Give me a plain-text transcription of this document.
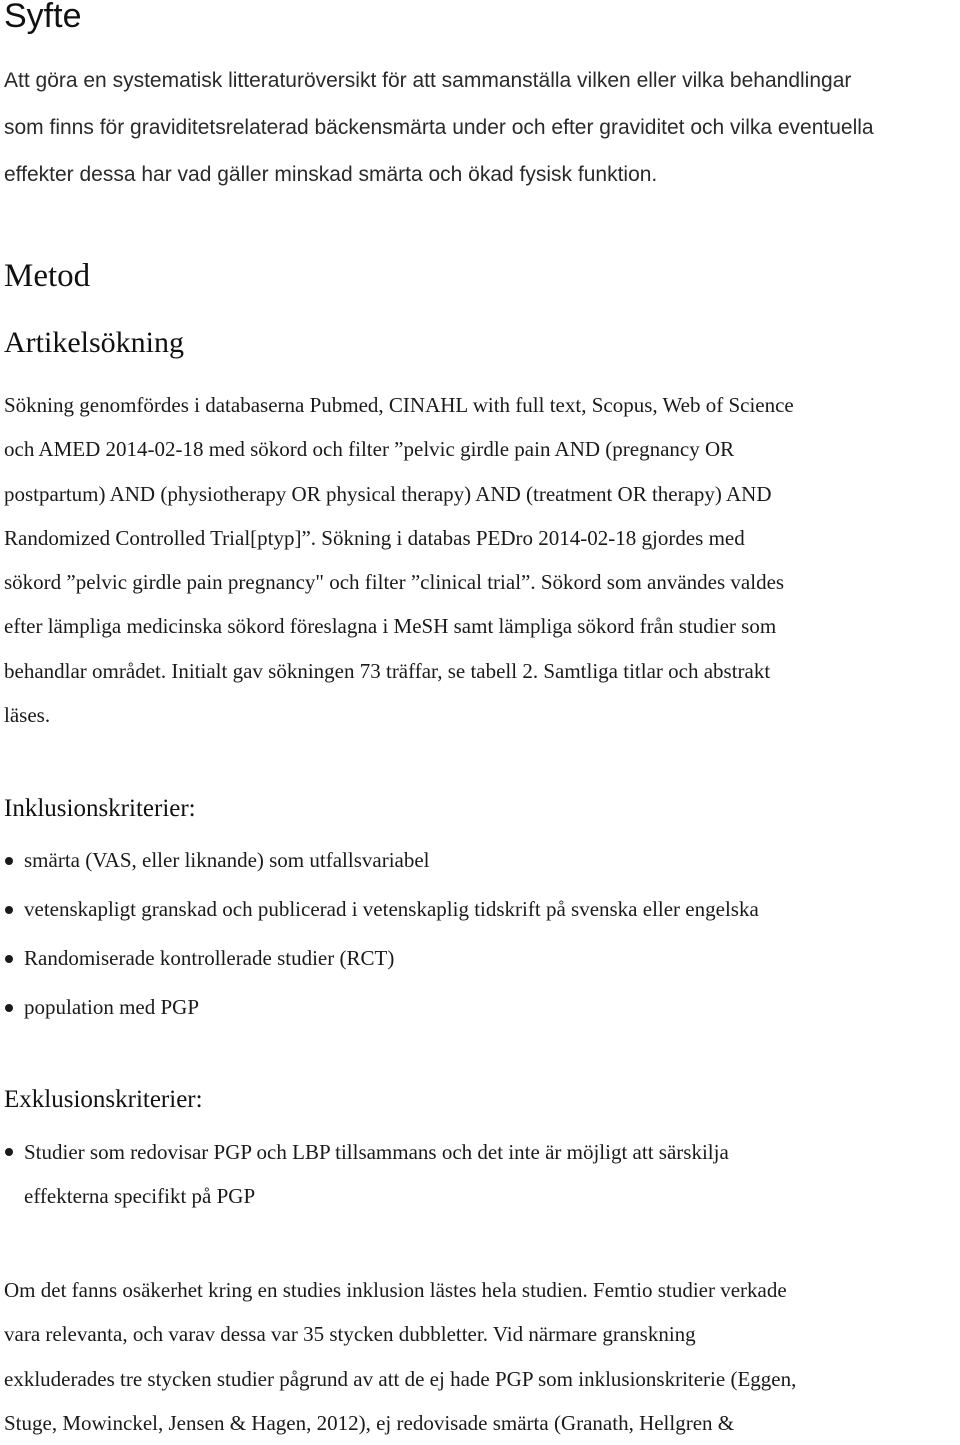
Syfte
Att göra en systematisk litteraturöversikt för att sammanställa vilken eller vilka behandlingar
som finns för graviditetsrelaterad bäckensmärta under och efter graviditet och vilka eventuella
effekter dessa har vad gäller minskad smärta och ökad fysisk funktion.
Metod
Artikelsökning
Sökning genomfördes i databaserna Pubmed, CINAHL with full text, Scopus, Web of Science
och AMED 2014-02-18 med sökord och filter ”pelvic girdle pain AND (pregnancy OR
postpartum) AND (physiotherapy OR physical therapy) AND (treatment OR therapy) AND
Randomized Controlled Trial[ptyp]”. Sökning i databas PEDro 2014-02-18 gjordes med
sökord ”pelvic girdle pain pregnancy" och filter ”clinical trial”. Sökord som användes valdes
efter lämpliga medicinska sökord föreslagna i MeSH samt lämpliga sökord från studier som
behandlar området. Initialt gav sökningen 73 träffar, se tabell 2. Samtliga titlar och abstrakt
läses.
Inklusionskriterier:
smärta (VAS, eller liknande) som utfallsvariabel
vetenskapligt granskad och publicerad i vetenskaplig tidskrift på svenska eller engelska
Randomiserade kontrollerade studier (RCT)
population med PGP
Exklusionskriterier:
Studier som redovisar PGP och LBP tillsammans och det inte är möjligt att särskilja
effekterna specifikt på PGP
Om det fanns osäkerhet kring en studies inklusion lästes hela studien. Femtio studier verkade
vara relevanta, och varav dessa var 35 stycken dubbletter. Vid närmare granskning
exkluderades tre stycken studier pågrund av att de ej hade PGP som inklusionskriterie (Eggen,
Stuge, Mowinckel, Jensen & Hagen, 2012), ej redovisade smärta (Granath, Hellgren &
